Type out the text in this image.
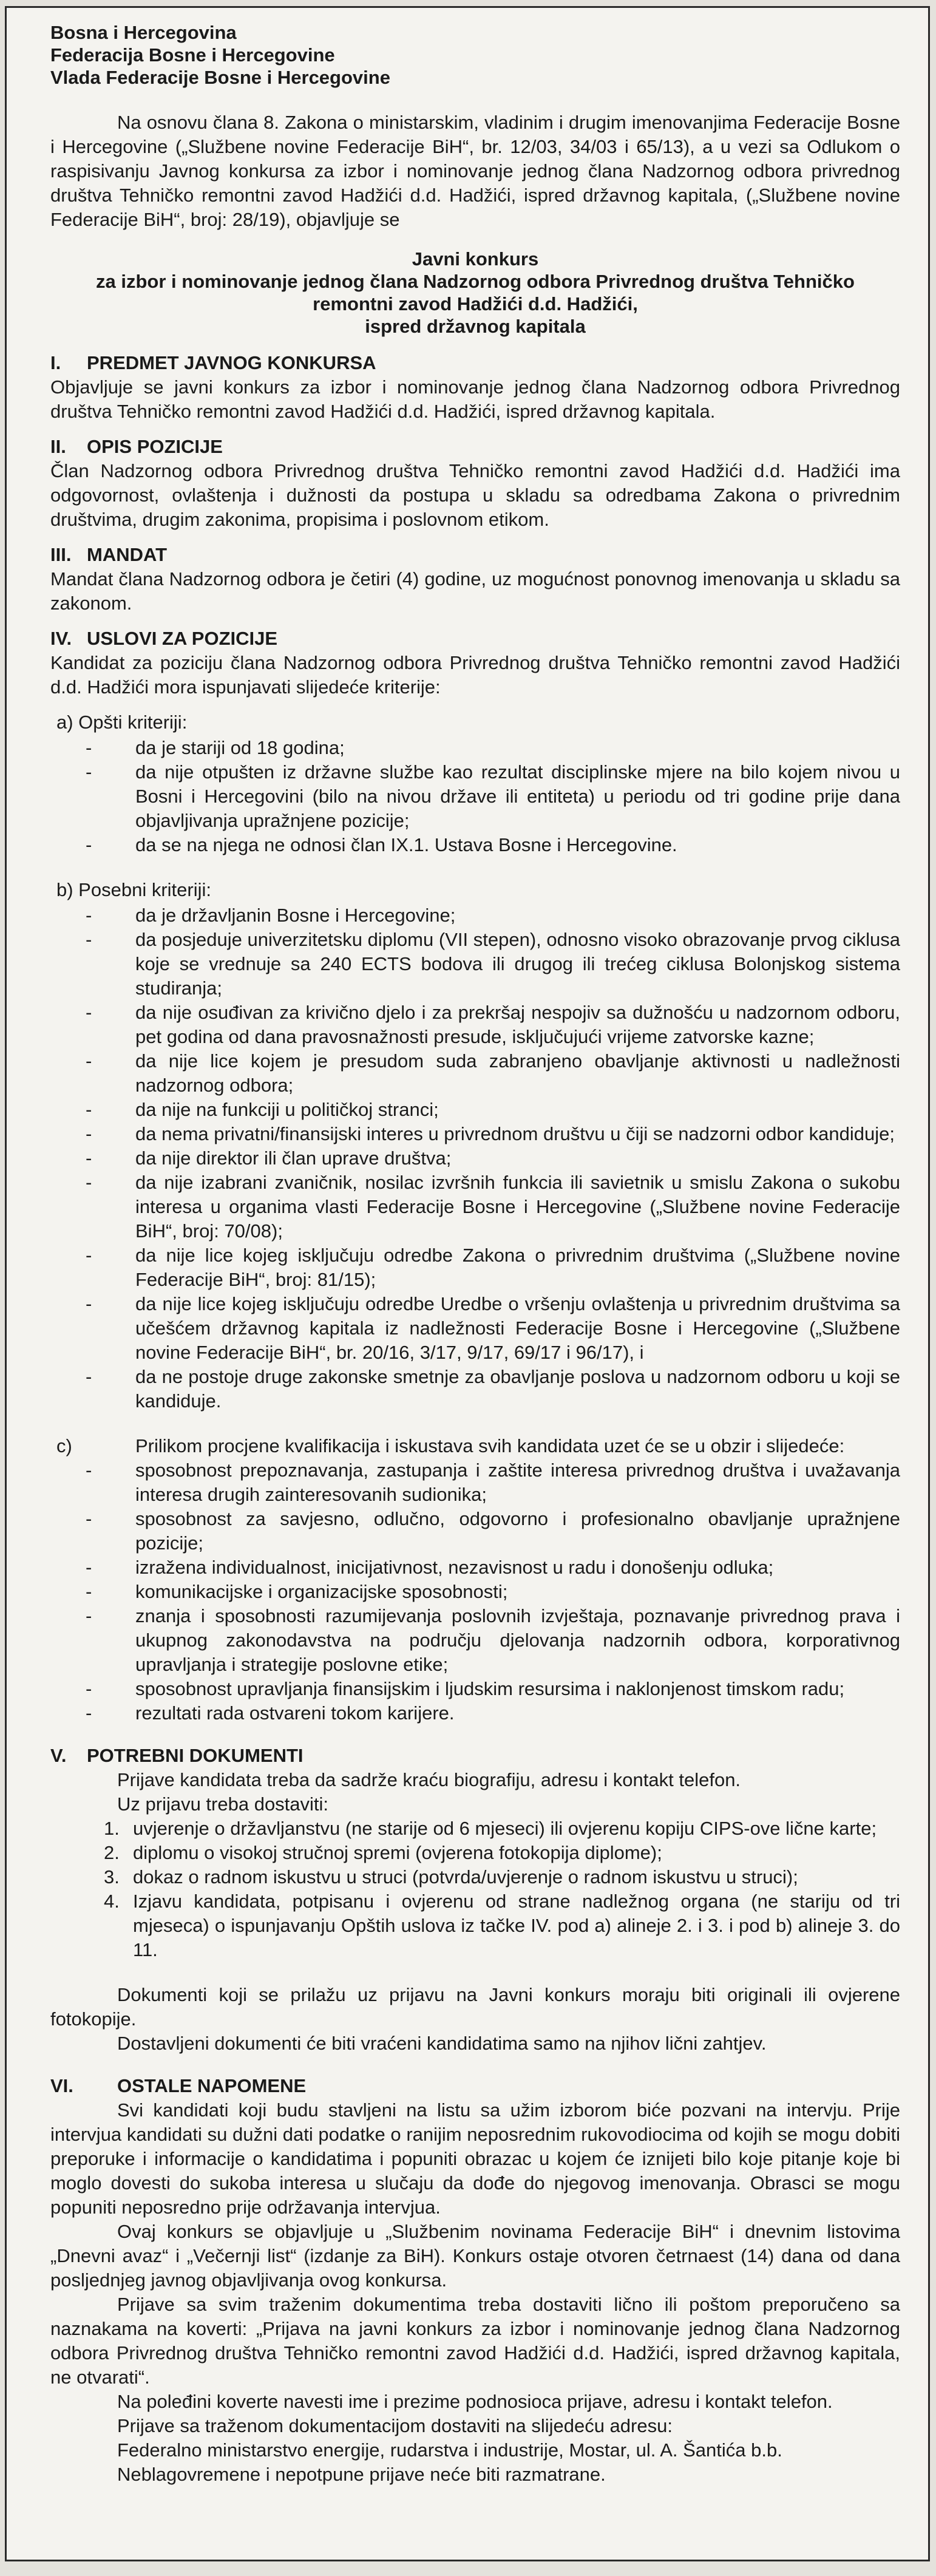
Bosna i Hercegovina
Federacija Bosne i Hercegovine
Vlada Federacije Bosne i Hercegovine

Na osnovu člana 8. Zakona o ministarskim, vladinim i drugim imenovanjima Federacije Bosne i Hercegovine („Službene novine Federacije BiH“, br. 12/03, 34/03 i 65/13), a u vezi sa Odlukom o raspisivanju Javnog konkursa za izbor i nominovanje jednog člana Nadzornog odbora privrednog društva Tehničko remontni zavod Hadžići d.d. Hadžići, ispred državnog kapitala, („Službene novine Federacije BiH“, broj: 28/19), objavljuje se

Javni konkurs
za izbor i nominovanje jednog člana Nadzornog odbora Privrednog društva Tehničko
remontni zavod Hadžići d.d. Hadžići,
ispred državnog kapitala
I. PREDMET JAVNOG KONKURSA

Objavljuje se javni konkurs za izbor i nominovanje jednog člana Nadzornog odbora Privrednog društva Tehničko remontni zavod Hadžići d.d. Hadžići, ispred državnog kapitala.

II. OPIS POZICIJE

Član Nadzornog odbora Privrednog društva Tehničko remontni zavod Hadžići d.d. Hadžići ima odgovornost, ovlaštenja i dužnosti da postupa u skladu sa odredbama Zakona o privrednim društvima, drugim zakonima, propisima i poslovnom etikom.

III. MANDAT

Mandat člana Nadzornog odbora je četiri (4) godine, uz mogućnost ponovnog imenovanja u skladu sa zakonom.

IV. USLOVI ZA POZICIJE

Kandidat za poziciju člana Nadzornog odbora Privrednog društva Tehničko remontni zavod Hadžići d.d. Hadžići mora ispunjavati slijedeće kriterije:

a) Opšti kriteriji:
- da je stariji od 18 godina;
- da nije otpušten iz državne službe kao rezultat disciplinske mjere na bilo kojem nivou u Bosni i Hercegovini (bilo na nivou države ili entiteta) u periodu od tri godine prije dana objavljivanja upražnjene pozicije;
- da se na njega ne odnosi član IX.1. Ustava Bosne i Hercegovine.
b) Posebni kriteriji:
- da je državljanin Bosne i Hercegovine;
- da posjeduje univerzitetsku diplomu (VII stepen), odnosno visoko obrazovanje prvog ciklusa koje se vrednuje sa 240 ECTS bodova ili drugog ili trećeg ciklusa Bolonjskog sistema studiranja;
- da nije osuđivan za krivično djelo i za prekršaj nespojiv sa dužnošću u nadzornom odboru, pet godina od dana pravosnažnosti presude, isključujući vrijeme zatvorske kazne;
- da nije lice kojem je presudom suda zabranjeno obavljanje aktivnosti u nadležnosti nadzornog odbora;
- da nije na funkciji u političkoj stranci;
- da nema privatni/finansijski interes u privrednom društvu u čiji se nadzorni odbor kandiduje;
- da nije direktor ili član uprave društva;
- da nije izabrani zvaničnik, nosilac izvršnih funkcia ili savietnik u smislu Zakona o sukobu interesa u organima vlasti Federacije Bosne i Hercegovine („Službene novine Federacije BiH“, broj: 70/08);
- da nije lice kojeg isključuju odredbe Zakona o privrednim društvima („Službene novine Federacije BiH“, broj: 81/15);
- da nije lice kojeg isključuju odredbe Uredbe o vršenju ovlaštenja u privrednim društvima sa učešćem državnog kapitala iz nadležnosti Federacije Bosne i Hercegovine („Službene novine Federacije BiH“, br. 20/16, 3/17, 9/17, 69/17 i 96/17), i
- da ne postoje druge zakonske smetnje za obavljanje poslova u nadzornom odboru u koji se kandiduje.
c)	Prilikom procjene kvalifikacija i iskustava svih kandidata uzet će se u obzir i slijedeće:
- sposobnost prepoznavanja, zastupanja i zaštite interesa privrednog društva i uvažavanja interesa drugih zainteresovanih sudionika;
- sposobnost za savjesno, odlučno, odgovorno i profesionalno obavljanje upražnjene pozicije;
- izražena individualnost, inicijativnost, nezavisnost u radu i donošenju odluka;
- komunikacijske i organizacijske sposobnosti;
- znanja i sposobnosti razumijevanja poslovnih izvještaja, poznavanje privrednog prava i ukupnog zakonodavstva na području djelovanja nadzornih odbora, korporativnog upravljanja i strategije poslovne etike;
- sposobnost upravljanja finansijskim i ljudskim resursima i naklonjenost timskom radu;
- rezultati rada ostvareni tokom karijere.
V. POTREBNI DOKUMENTI

Prijave kandidata treba da sadrže kraću biografiju, adresu i kontakt telefon.

Uz prijavu treba dostaviti:

1. uvjerenje o državljanstvu (ne starije od 6 mjeseci) ili ovjerenu kopiju CIPS-ove lične karte;
2. diplomu o visokoj stručnoj spremi (ovjerena fotokopija diplome);
3. dokaz o radnom iskustvu u struci (potvrda/uvjerenje o radnom iskustvu u struci);
4. Izjavu kandidata, potpisanu i ovjerenu od strane nadležnog organa (ne stariju od tri mjeseca) o ispunjavanju Opštih uslova iz tačke IV. pod a) alineje 2. i 3. i pod b) alineje 3. do 11.

Dokumenti koji se prilažu uz prijavu na Javni konkurs moraju biti originali ili ovjerene fotokopije.

Dostavljeni dokumenti će biti vraćeni kandidatima samo na njihov lični zahtjev.

VI. OSTALE NAPOMENE

Svi kandidati koji budu stavljeni na listu sa užim izborom biće pozvani na intervju. Prije intervjua kandidati su dužni dati podatke o ranijim neposrednim rukovodiocima od kojih se mogu dobiti preporuke i informacije o kandidatima i popuniti obrazac u kojem će iznijeti bilo koje pitanje koje bi moglo dovesti do sukoba interesa u slučaju da dođe do njegovog imenovanja. Obrasci se mogu popuniti neposredno prije održavanja intervjua.

Ovaj konkurs se objavljuje u „Službenim novinama Federacije BiH“ i dnevnim listovima „Dnevni avaz“ i „Večernji list“ (izdanje za BiH). Konkurs ostaje otvoren četrnaest (14) dana od dana posljednjeg javnog objavljivanja ovog konkursa.

Prijave sa svim traženim dokumentima treba dostaviti lično ili poštom preporučeno sa naznakama na koverti: „Prijava na javni konkurs za izbor i nominovanje jednog člana Nadzornog odbora Privrednog društva Tehničko remontni zavod Hadžići d.d. Hadžići, ispred državnog kapitala, ne otvarati“.

Na poleđini koverte navesti ime i prezime podnosioca prijave, adresu i kontakt telefon.

Prijave sa traženom dokumentacijom dostaviti na slijedeću adresu:

Federalno ministarstvo energije, rudarstva i industrije, Mostar, ul. A. Šantića b.b.

Neblagovremene i nepotpune prijave neće biti razmatrane.
